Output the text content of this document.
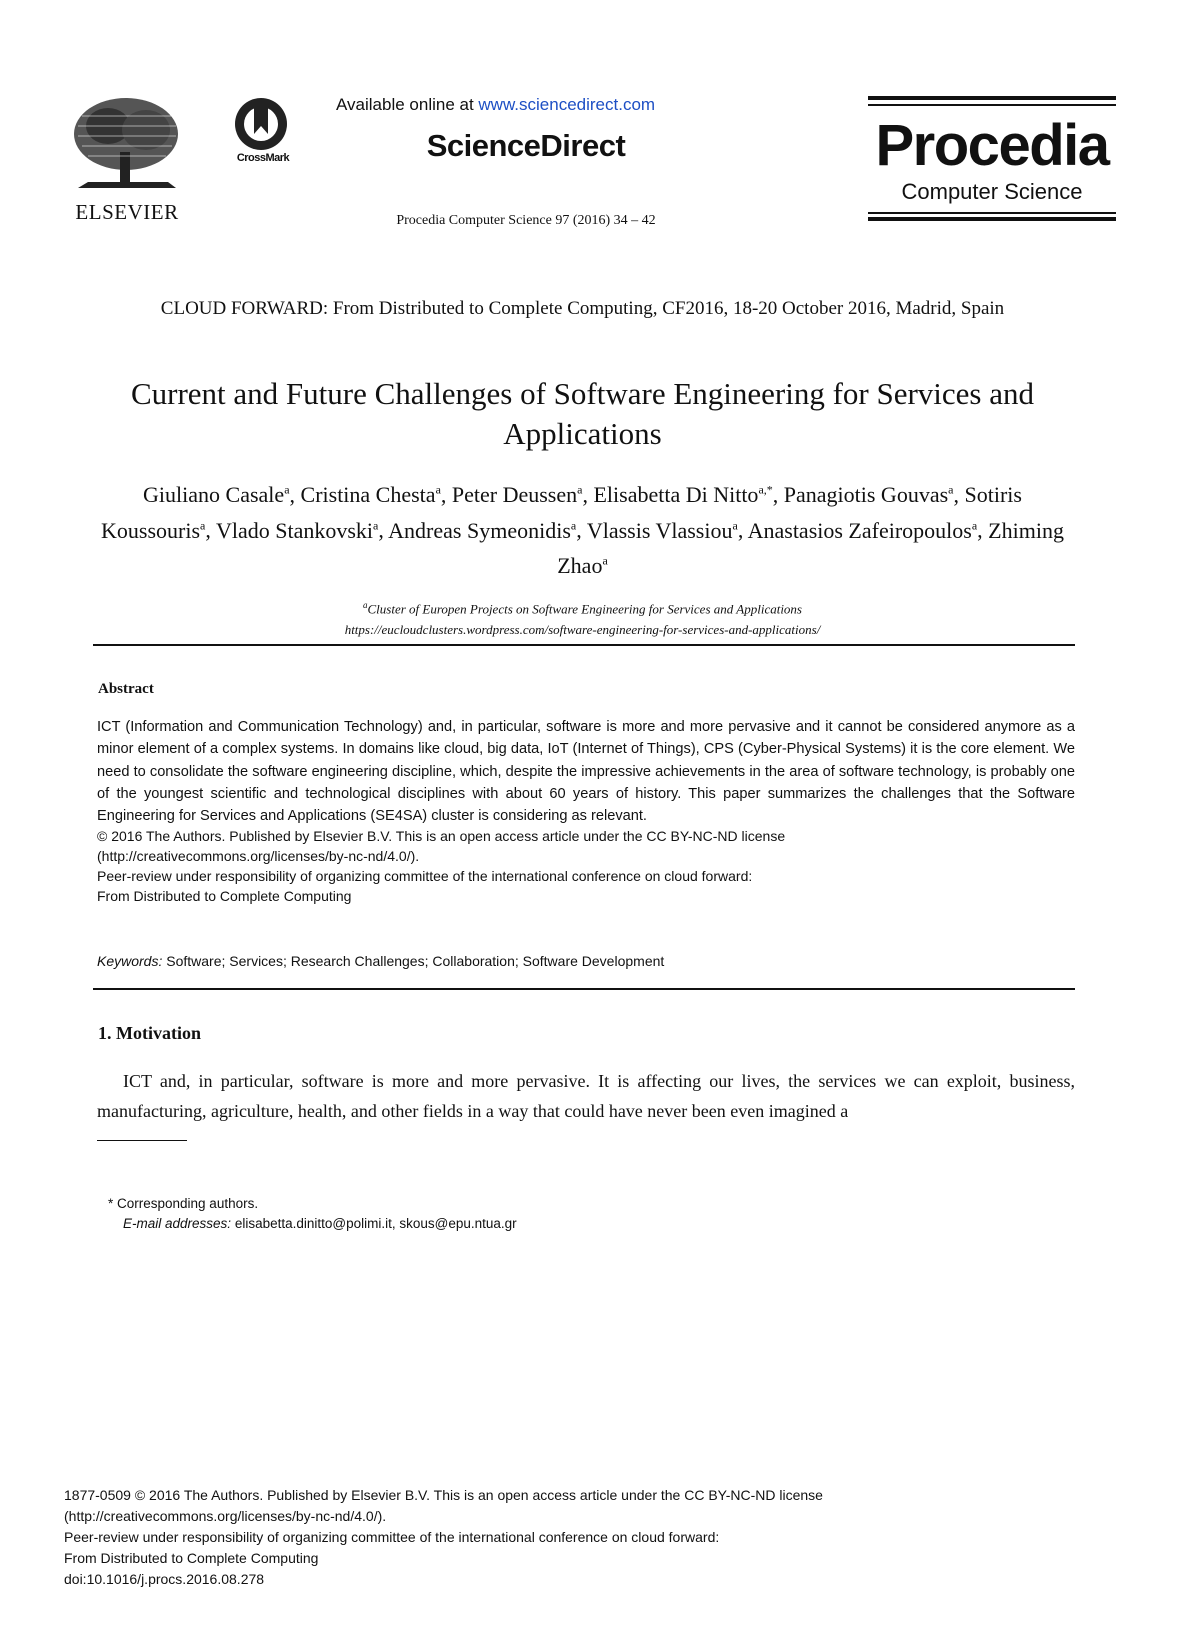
ELSEVIER
CrossMark
Available online at www.sciencedirect.com
ScienceDirect
Procedia Computer Science 97 (2016) 34 – 42
Procedia
Computer Science
CLOUD FORWARD: From Distributed to Complete Computing, CF2016, 18-20 October 2016, Madrid, Spain
Current and Future Challenges of Software Engineering for Services and Applications
Giuliano Casale$^a$, Cristina Chesta$^a$, Peter Deussen$^a$, Elisabetta Di Nitto$^{a,*}$, Panagiotis Gouvas$^a$, Sotiris Koussouris$^a$, Vlado Stankovski$^a$, Andreas Symeonidis$^a$, Vlassis Vlassiou$^a$, Anastasios Zafeiropoulos$^a$, Zhiming Zhao$^a$
$^a$Cluster of Europen Projects on Software Engineering for Services and Applications
https://eucloudclusters.wordpress.com/software-engineering-for-services-and-applications/
Abstract
ICT (Information and Communication Technology) and, in particular, software is more and more pervasive and it cannot be considered anymore as a minor element of a complex systems. In domains like cloud, big data, IoT (Internet of Things), CPS (Cyber-Physical Systems) it is the core element. We need to consolidate the software engineering discipline, which, despite the impressive achievements in the area of software technology, is probably one of the youngest scientific and technological disciplines with about 60 years of history. This paper summarizes the challenges that the Software Engineering for Services and Applications (SE4SA) cluster is considering as relevant.
© 2016 The Authors. Published by Elsevier B.V. This is an open access article under the CC BY-NC-ND license
(http://creativecommons.org/licenses/by-nc-nd/4.0/).
Peer-review under responsibility of organizing committee of the international conference on cloud forward:
From Distributed to Complete Computing
Keywords: Software; Services; Research Challenges; Collaboration; Software Development
1. Motivation
ICT and, in particular, software is more and more pervasive. It is affecting our lives, the services we can exploit, business, manufacturing, agriculture, health, and other fields in a way that could have never been even imagined a
* Corresponding authors.
E-mail addresses: elisabetta.dinitto@polimi.it, skous@epu.ntua.gr
1877-0509 © 2016 The Authors. Published by Elsevier B.V. This is an open access article under the CC BY-NC-ND license
(http://creativecommons.org/licenses/by-nc-nd/4.0/).
Peer-review under responsibility of organizing committee of the international conference on cloud forward:
From Distributed to Complete Computing
doi:10.1016/j.procs.2016.08.278
